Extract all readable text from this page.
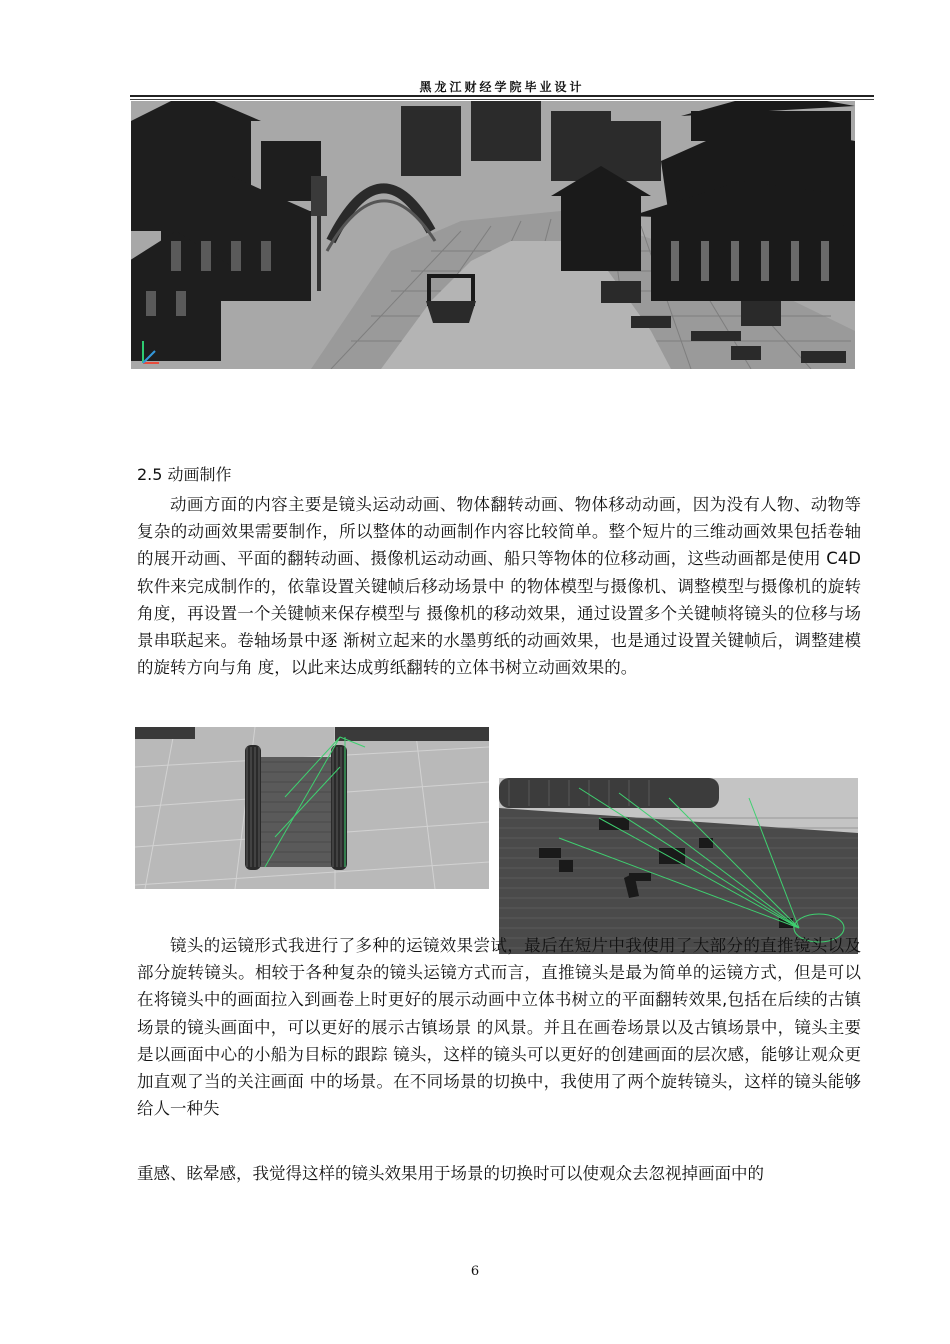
黑龙江财经学院毕业设计
2.5 动画制作

动画方面的内容主要是镜头运动动画、物体翻转动画、物体移动动画，因为没有人物、动物等复杂的动画效果需要制作，所以整体的动画制作内容比较简单。整个短片的三维动画效果包括卷轴的展开动画、平面的翻转动画、摄像机运动动画、船只等物体的位移动画，这些动画都是使用 C4D 软件来完成制作的，依靠设置关键帧后移动场景中 的物体模型与摄像机、调整模型与摄像机的旋转角度，再设置一个关键帧来保存模型与 摄像机的移动效果，通过设置多个关键帧将镜头的位移与场景串联起来。卷轴场景中逐 渐树立起来的水墨剪纸的动画效果，也是通过设置关键帧后，调整建模的旋转方向与角 度，以此来达成剪纸翻转的立体书树立动画效果的。

镜头的运镜形式我进行了多种的运镜效果尝试，最后在短片中我使用了大部分的直推镜头以及部分旋转镜头。相较于各种复杂的镜头运镜方式而言，直推镜头是最为简单的运镜方式，但是可以在将镜头中的画面拉入到画卷上时更好的展示动画中立体书树立的平面翻转效果,包括在后续的古镇场景的镜头画面中，可以更好的展示古镇场景 的风景。并且在画卷场景以及古镇场景中，镜头主要是以画面中心的小船为目标的跟踪 镜头，这样的镜头可以更好的创建画面的层次感，能够让观众更加直观了当的关注画面 中的场景。在不同场景的切换中，我使用了两个旋转镜头，这样的镜头能够给人一种失

重感、眩晕感，我觉得这样的镜头效果用于场景的切换时可以使观众去忽视掉画面中的

6
